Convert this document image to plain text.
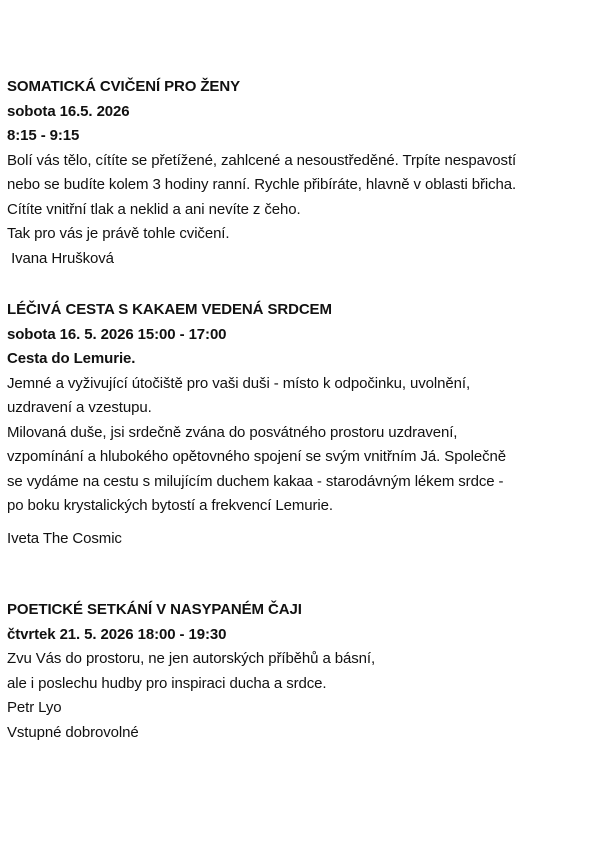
SOMATICKÁ CVIČENÍ PRO ŽENY
sobota 16.5. 2026
8:15 - 9:15
Bolí vás tělo, cítíte se přetížené, zahlcené a nesoustředěné. Trpíte nespavostí
nebo se budíte kolem 3 hodiny ranní. Rychle přibíráte, hlavně v oblasti břicha.
Cítíte vnitřní tlak a neklid a ani nevíte z čeho.
Tak pro vás je právě tohle cvičení.
Ivana Hrušková
LÉČIVÁ CESTA S KAKAEM VEDENÁ SRDCEM
sobota 16. 5. 2026 15:00 - 17:00
Cesta do Lemurie.
Jemné a vyživující útočiště pro vaši duši - místo k odpočinku, uvolnění,
uzdravení a vzestupu.
Milovaná duše, jsi srdečně zvána do posvátného prostoru uzdravení,
vzpomínání a hlubokého opětovného spojení se svým vnitřním Já. Společně
se vydáme na cestu s milujícím duchem kakaa - starodávným lékem srdce -
po boku krystalických bytostí a frekvencí Lemurie.
Iveta The Cosmic
POETICKÉ SETKÁNÍ V NASYPANÉM ČAJI
čtvrtek 21. 5. 2026 18:00 - 19:30
Zvu Vás do prostoru, ne jen autorských příběhů a básní,
ale i poslechu hudby pro inspiraci ducha a srdce.
Petr Lyo
Vstupné dobrovolné
